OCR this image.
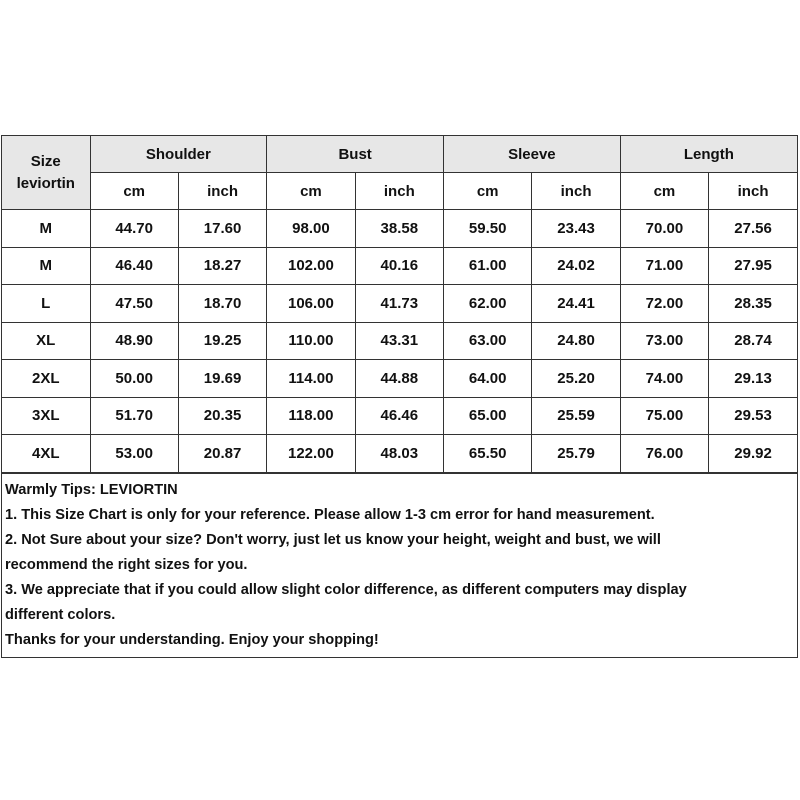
Size
leviortin	Shoulder		Bust		Sleeve		Length	
	cm	inch	cm	inch	cm	inch	cm	inch
M	44.70	17.60	98.00	38.58	59.50	23.43	70.00	27.56
M	46.40	18.27	102.00	40.16	61.00	24.02	71.00	27.95
L	47.50	18.70	106.00	41.73	62.00	24.41	72.00	28.35
XL	48.90	19.25	110.00	43.31	63.00	24.80	73.00	28.74
2XL	50.00	19.69	114.00	44.88	64.00	25.20	74.00	29.13
3XL	51.70	20.35	118.00	46.46	65.00	25.59	75.00	29.53
4XL	53.00	20.87	122.00	48.03	65.50	25.79	76.00	29.92
Warmly Tips: LEVIORTIN
1. This Size Chart is only for your reference. Please allow 1-3 cm error for hand measurement.
2. Not Sure about your size? Don't worry, just let us know your height, weight and bust, we will
recommend the right sizes for you.
3. We appreciate that if you could allow slight color difference, as different computers may display
different colors.
Thanks for your understanding. Enjoy your shopping!
